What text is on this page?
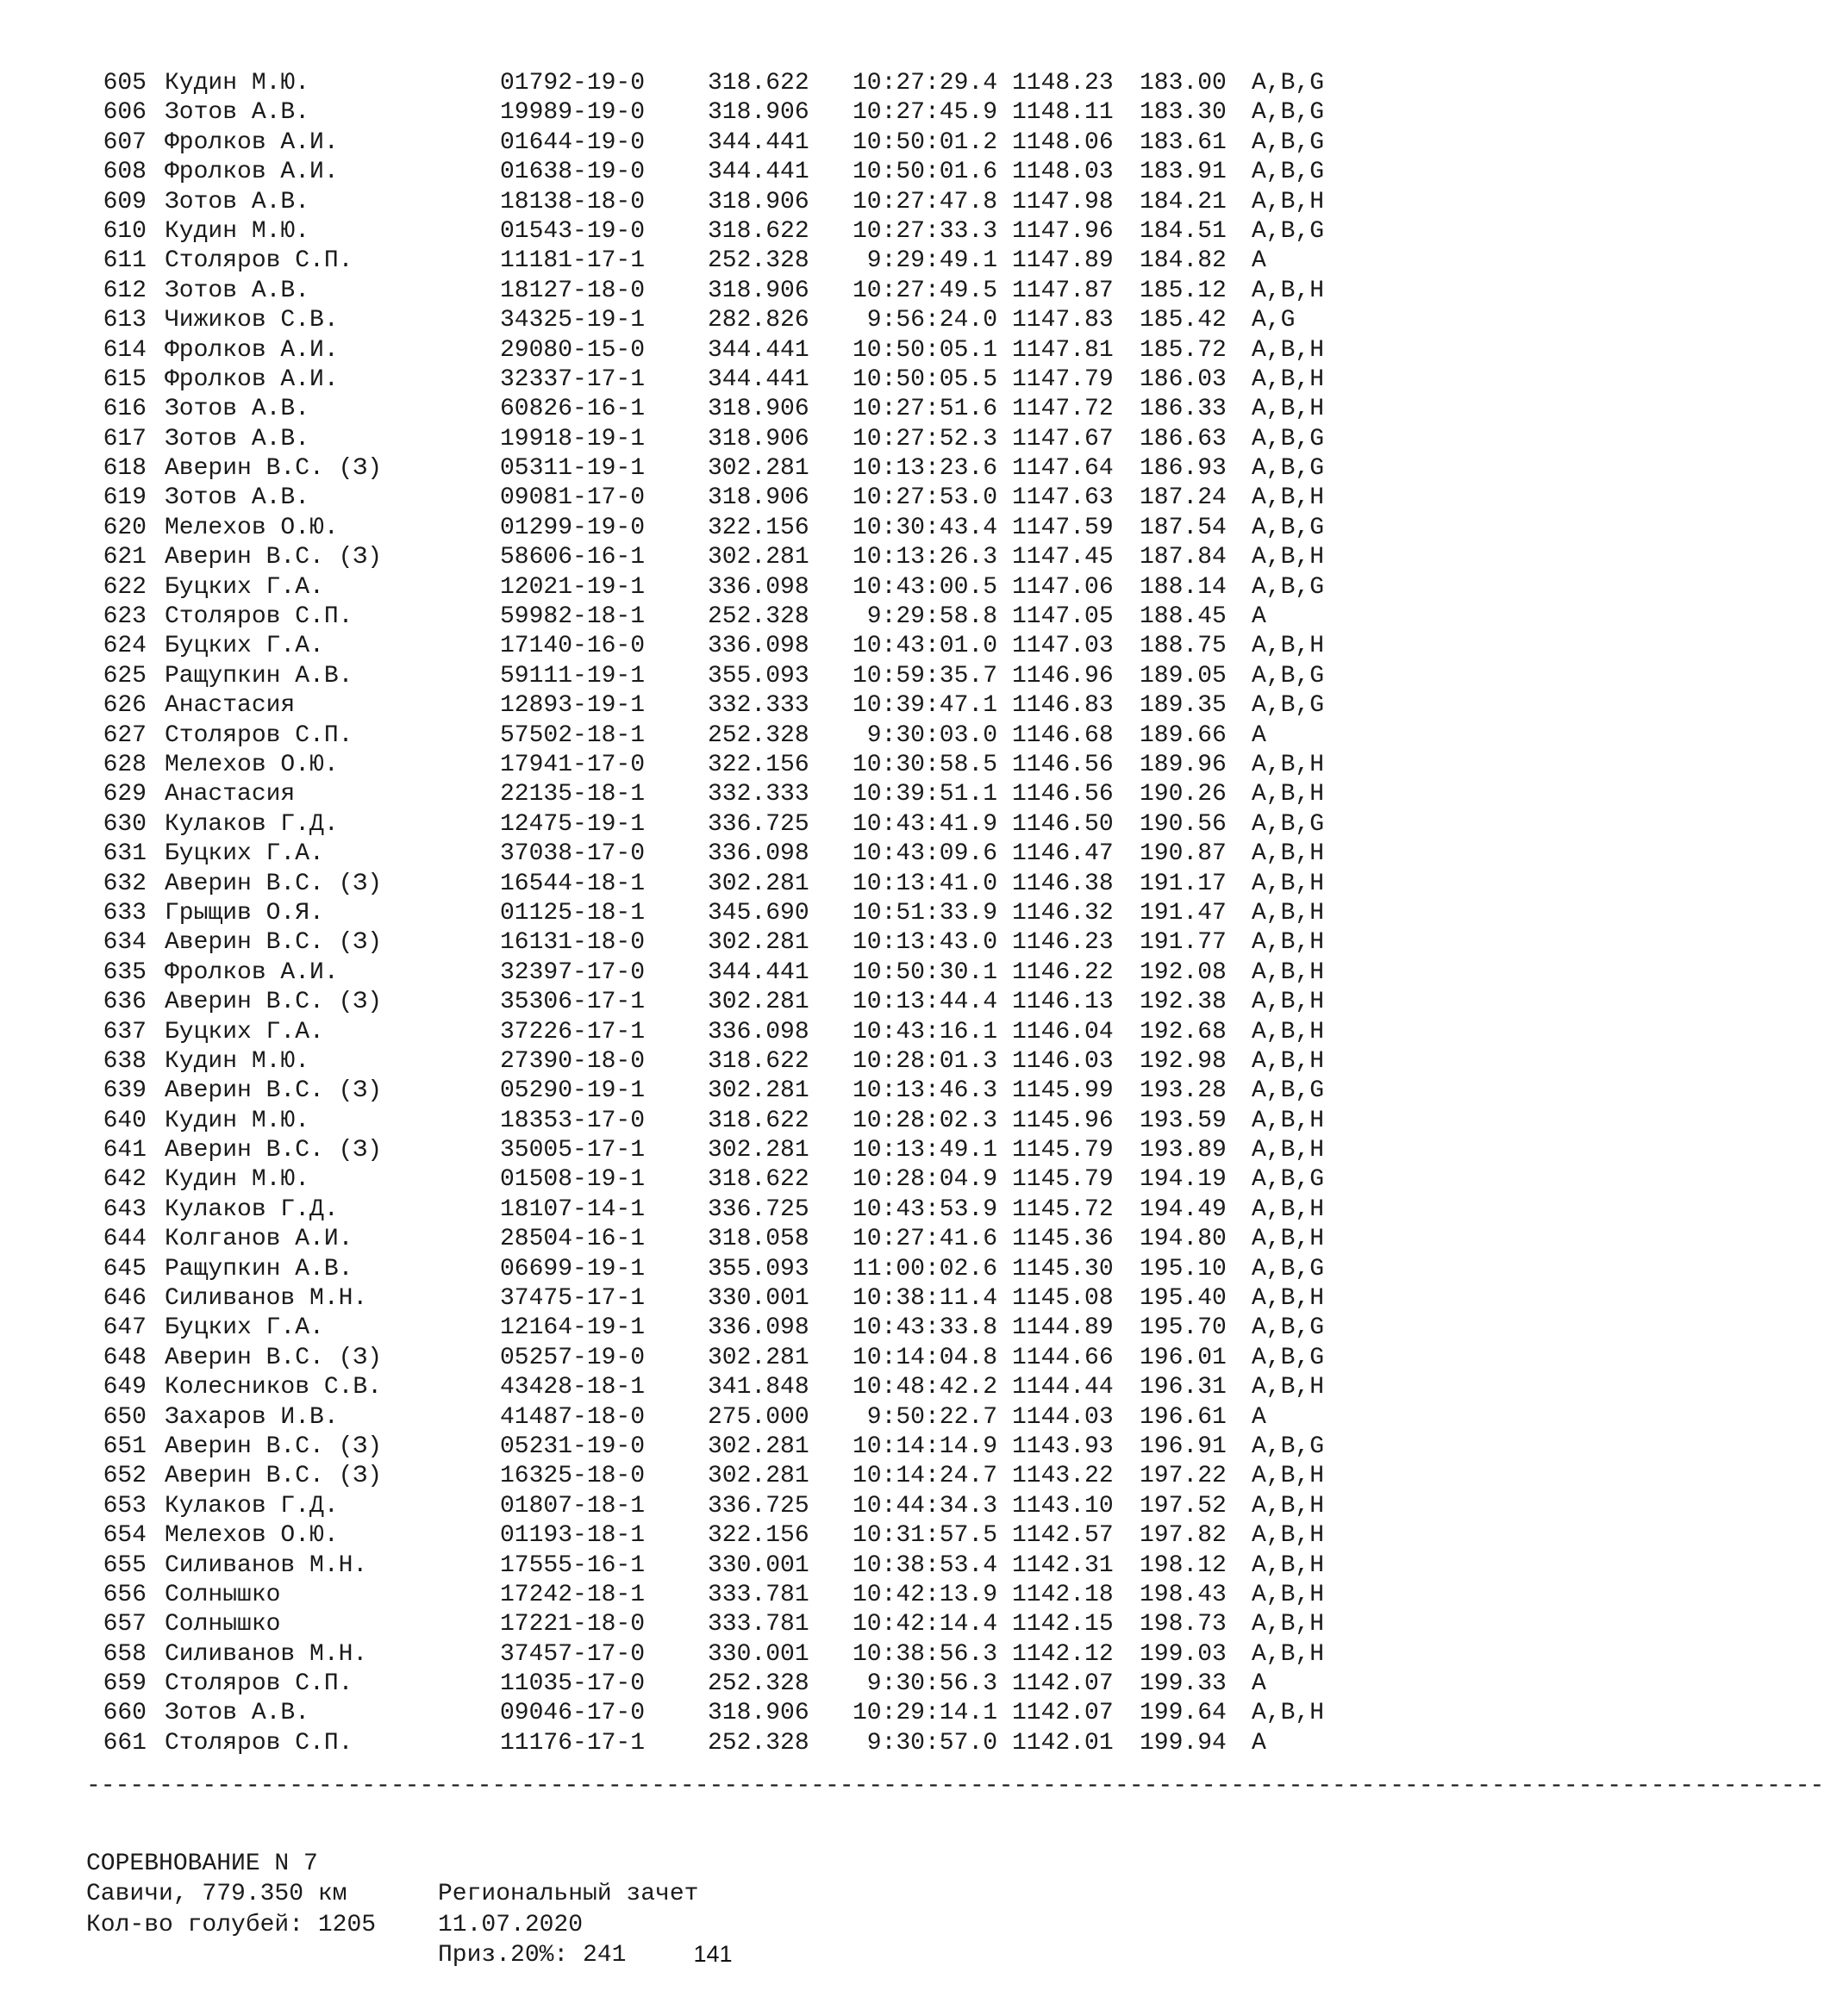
605 Кудин М.Ю.	01792-19-0	318.622	10:27:29.4 1148.23 183.00 A,B,G
606 Зотов А.В.	19989-19-0	318.906	10:27:45.9 1148.11 183.30 A,B,G
607 Фролков А.И.	01644-19-0	344.441	10:50:01.2 1148.06 183.61 A,B,G
608 Фролков А.И.	01638-19-0	344.441	10:50:01.6 1148.03 183.91 A,B,G
609 Зотов А.В.	18138-18-0	318.906	10:27:47.8 1147.98 184.21 A,B,H
610 Кудин М.Ю.	01543-19-0	318.622	10:27:33.3 1147.96 184.51 A,B,G
611 Столяров С.П.	11181-17-1	252.328	9:29:49.1 1147.89 184.82 A
612 Зотов А.В.	18127-18-0	318.906	10:27:49.5 1147.87 185.12 A,B,H
613 Чижиков С.В.	34325-19-1	282.826	9:56:24.0 1147.83 185.42 A,G
614 Фролков А.И.	29080-15-0	344.441	10:50:05.1 1147.81 185.72 A,B,H
615 Фролков А.И.	32337-17-1	344.441	10:50:05.5 1147.79 186.03 A,B,H
616 Зотов А.В.	60826-16-1	318.906	10:27:51.6 1147.72 186.33 A,B,H
617 Зотов А.В.	19918-19-1	318.906	10:27:52.3 1147.67 186.63 A,B,G
618 Аверин В.С. (З)	05311-19-1	302.281	10:13:23.6 1147.64 186.93 A,B,G
619 Зотов А.В.	09081-17-0	318.906	10:27:53.0 1147.63 187.24 A,B,H
620 Мелехов О.Ю.	01299-19-0	322.156	10:30:43.4 1147.59 187.54 A,B,G
621 Аверин В.С. (З)	58606-16-1	302.281	10:13:26.3 1147.45 187.84 A,B,H
622 Буцких Г.А.	12021-19-1	336.098	10:43:00.5 1147.06 188.14 A,B,G
623 Столяров С.П.	59982-18-1	252.328	9:29:58.8 1147.05 188.45 A
624 Буцких Г.А.	17140-16-0	336.098	10:43:01.0 1147.03 188.75 A,B,H
625 Ращупкин А.В.	59111-19-1	355.093	10:59:35.7 1146.96 189.05 A,B,G
626 Анастасия	12893-19-1	332.333	10:39:47.1 1146.83 189.35 A,B,G
627 Столяров С.П.	57502-18-1	252.328	9:30:03.0 1146.68 189.66 A
628 Мелехов О.Ю.	17941-17-0	322.156	10:30:58.5 1146.56 189.96 A,B,H
629 Анастасия	22135-18-1	332.333	10:39:51.1 1146.56 190.26 A,B,H
630 Кулаков Г.Д.	12475-19-1	336.725	10:43:41.9 1146.50 190.56 A,B,G
631 Буцких Г.А.	37038-17-0	336.098	10:43:09.6 1146.47 190.87 A,B,H
632 Аверин В.С. (З)	16544-18-1	302.281	10:13:41.0 1146.38 191.17 A,B,H
633 Грыщив О.Я.	01125-18-1	345.690	10:51:33.9 1146.32 191.47 A,B,H
634 Аверин В.С. (З)	16131-18-0	302.281	10:13:43.0 1146.23 191.77 A,B,H
635 Фролков А.И.	32397-17-0	344.441	10:50:30.1 1146.22 192.08 A,B,H
636 Аверин В.С. (З)	35306-17-1	302.281	10:13:44.4 1146.13 192.38 A,B,H
637 Буцких Г.А.	37226-17-1	336.098	10:43:16.1 1146.04 192.68 A,B,H
638 Кудин М.Ю.	27390-18-0	318.622	10:28:01.3 1146.03 192.98 A,B,H
639 Аверин В.С. (З)	05290-19-1	302.281	10:13:46.3 1145.99 193.28 A,B,G
640 Кудин М.Ю.	18353-17-0	318.622	10:28:02.3 1145.96 193.59 A,B,H
641 Аверин В.С. (З)	35005-17-1	302.281	10:13:49.1 1145.79 193.89 A,B,H
642 Кудин М.Ю.	01508-19-1	318.622	10:28:04.9 1145.79 194.19 A,B,G
643 Кулаков Г.Д.	18107-14-1	336.725	10:43:53.9 1145.72 194.49 A,B,H
644 Колганов А.И.	28504-16-1	318.058	10:27:41.6 1145.36 194.80 A,B,H
645 Ращупкин А.В.	06699-19-1	355.093	11:00:02.6 1145.30 195.10 A,B,G
646 Силиванов М.Н.	37475-17-1	330.001	10:38:11.4 1145.08 195.40 A,B,H
647 Буцких Г.А.	12164-19-1	336.098	10:43:33.8 1144.89 195.70 A,B,G
648 Аверин В.С. (З)	05257-19-0	302.281	10:14:04.8 1144.66 196.01 A,B,G
649 Колесников С.В.	43428-18-1	341.848	10:48:42.2 1144.44 196.31 A,B,H
650 Захаров И.В.	41487-18-0	275.000	9:50:22.7 1144.03 196.61 A
651 Аверин В.С. (З)	05231-19-0	302.281	10:14:14.9 1143.93 196.91 A,B,G
652 Аверин В.С. (З)	16325-18-0	302.281	10:14:24.7 1143.22 197.22 A,B,H
653 Кулаков Г.Д.	01807-18-1	336.725	10:44:34.3 1143.10 197.52 A,B,H
654 Мелехов О.Ю.	01193-18-1	322.156	10:31:57.5 1142.57 197.82 A,B,H
655 Силиванов М.Н.	17555-16-1	330.001	10:38:53.4 1142.31 198.12 A,B,H
656 Солнышко	17242-18-1	333.781	10:42:13.9 1142.18 198.43 A,B,H
657 Солнышко	17221-18-0	333.781	10:42:14.4 1142.15 198.73 A,B,H
658 Силиванов М.Н.	37457-17-0	330.001	10:38:56.3 1142.12 199.03 A,B,H
659 Столяров С.П.	11035-17-0	252.328	9:30:56.3 1142.07 199.33 A
660 Зотов А.В.	09046-17-0	318.906	10:29:14.1 1142.07 199.64 A,B,H
661 Столяров С.П.	11176-17-1	252.328	9:30:57.0 1142.01 199.94 A
------------------------------------------------------------------------------------------------------------------------

СОРЕВНОВАНИЕ N 7

Региональный зачет

Савичи, 779.350 км

11.07.2020

Кол-во голубей: 1205

Приз.20%: 241

	141
